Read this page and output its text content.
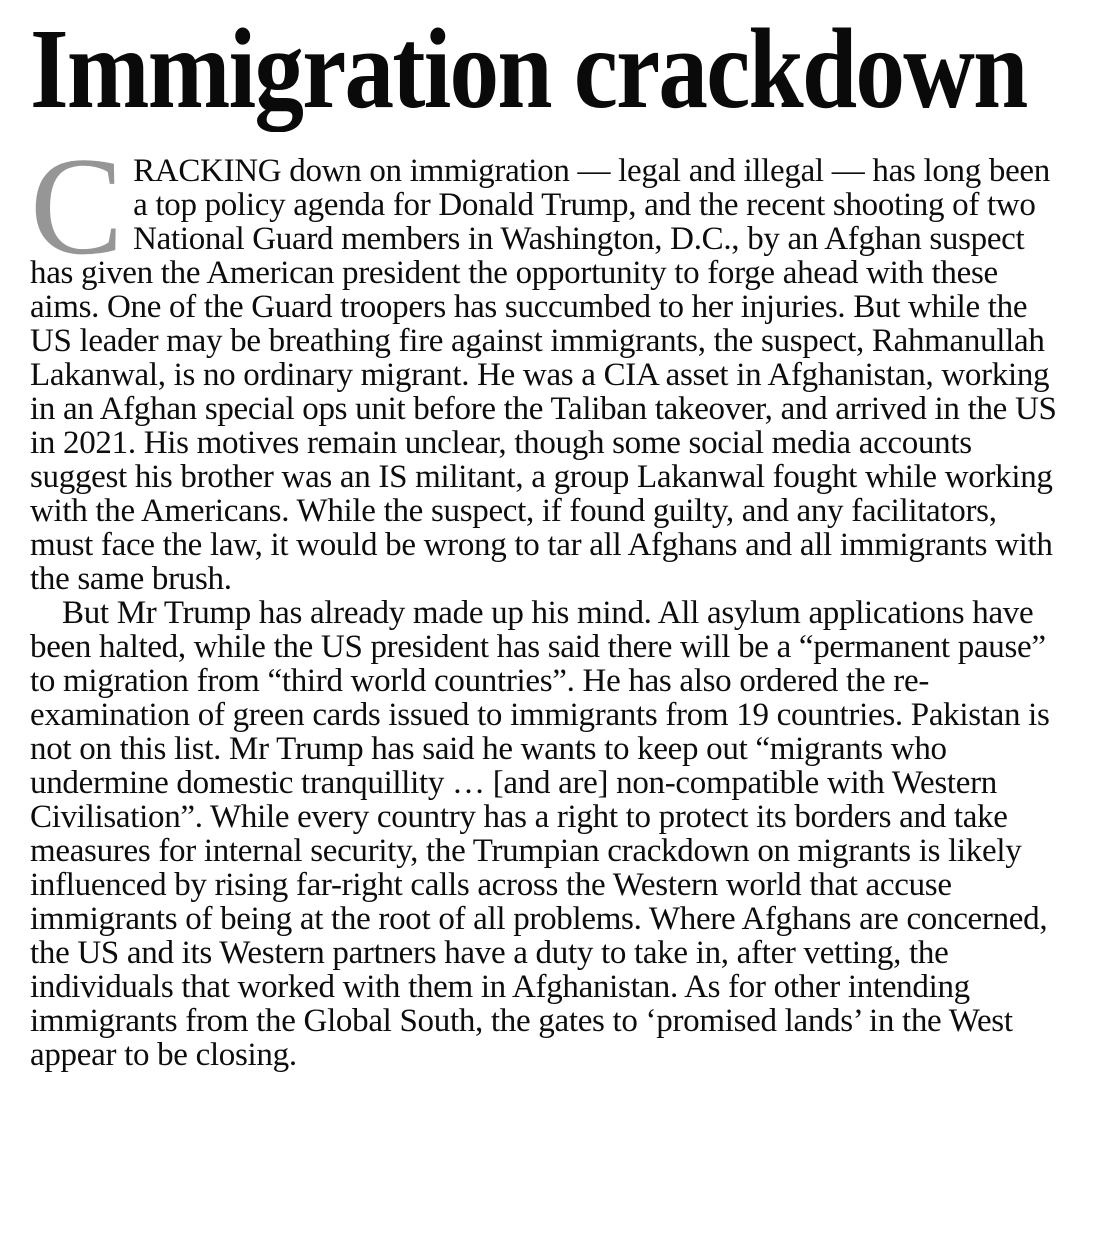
Immigration crackdown

CRACKING down on immigration — legal and illegal — has long been a top policy agenda for Donald Trump, and the recent shooting of two National Guard members in Washington, D.C., by an Afghan suspect has given the American president the opportunity to forge ahead with these aims. One of the Guard troopers has succumbed to her injuries. But while the US leader may be breathing fire against immigrants, the suspect, Rahmanullah Lakanwal, is no ordinary migrant. He was a CIA asset in Afghanistan, working in an Afghan special ops unit before the Taliban takeover, and arrived in the US in 2021. His motives remain unclear, though some social media accounts suggest his brother was an IS militant, a group Lakanwal fought while working with the Americans. While the suspect, if found guilty, and any facilitators, must face the law, it would be wrong to tar all Afghans and all immigrants with the same brush.

But Mr Trump has already made up his mind. All asylum applications have been halted, while the US president has said there will be a “permanent pause” to migration from “third world countries”. He has also ordered the re-examination of green cards issued to immigrants from 19 countries. Pakistan is not on this list. Mr Trump has said he wants to keep out “migrants who undermine domestic tranquillity … [and are] non-compatible with Western Civilisation”. While every country has a right to protect its borders and take measures for internal security, the Trumpian crackdown on migrants is likely influenced by rising far-right calls across the Western world that accuse immigrants of being at the root of all problems. Where Afghans are concerned, the US and its Western partners have a duty to take in, after vetting, the individuals that worked with them in Afghanistan. As for other intending immigrants from the Global South, the gates to ‘promised lands’ in the West appear to be closing.
